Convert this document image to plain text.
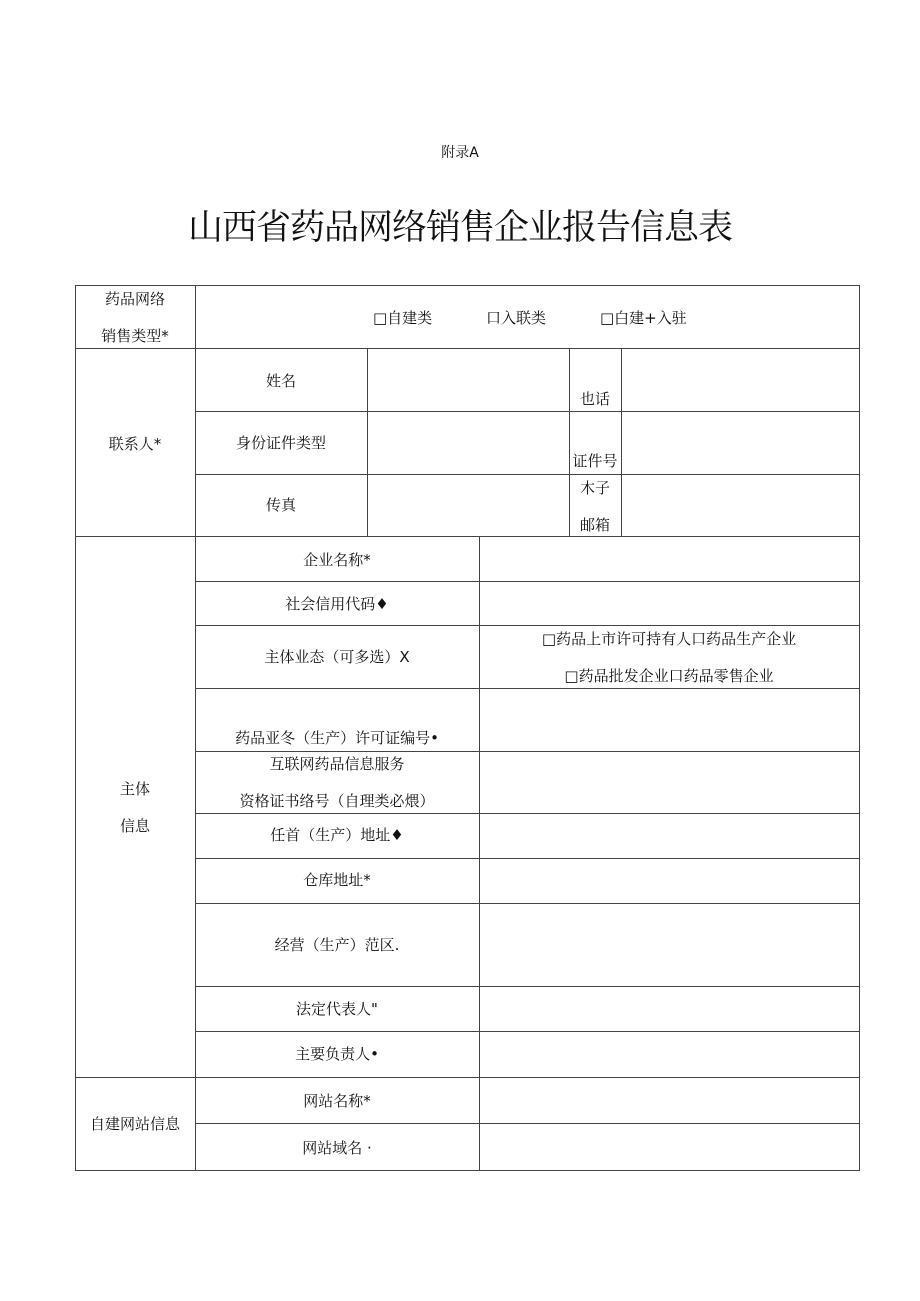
附录A
山西省药品网络销售企业报告信息表
药品网络
销售类型*
□自建类	口入联类	□白建+入驻
联系人*
姓名
也话
身份证件类型
证件号
传真
木子
邮箱
主体
信息
企业名称*
社会信用代码♦
主体业态（可多选）X
□药品上市许可持有人口药品生产企业
□药品批发企业口药品零售企业
药品亚冬（生产）许可证编号•
互联网药品信息服务
资格证书络号（自理类必煨）
任首（生产）地址♦
仓库地址*
经营（生产）范区.
法定代表人"
主要负责人•
自建网站信息
网站名称*
网站域名 ·
